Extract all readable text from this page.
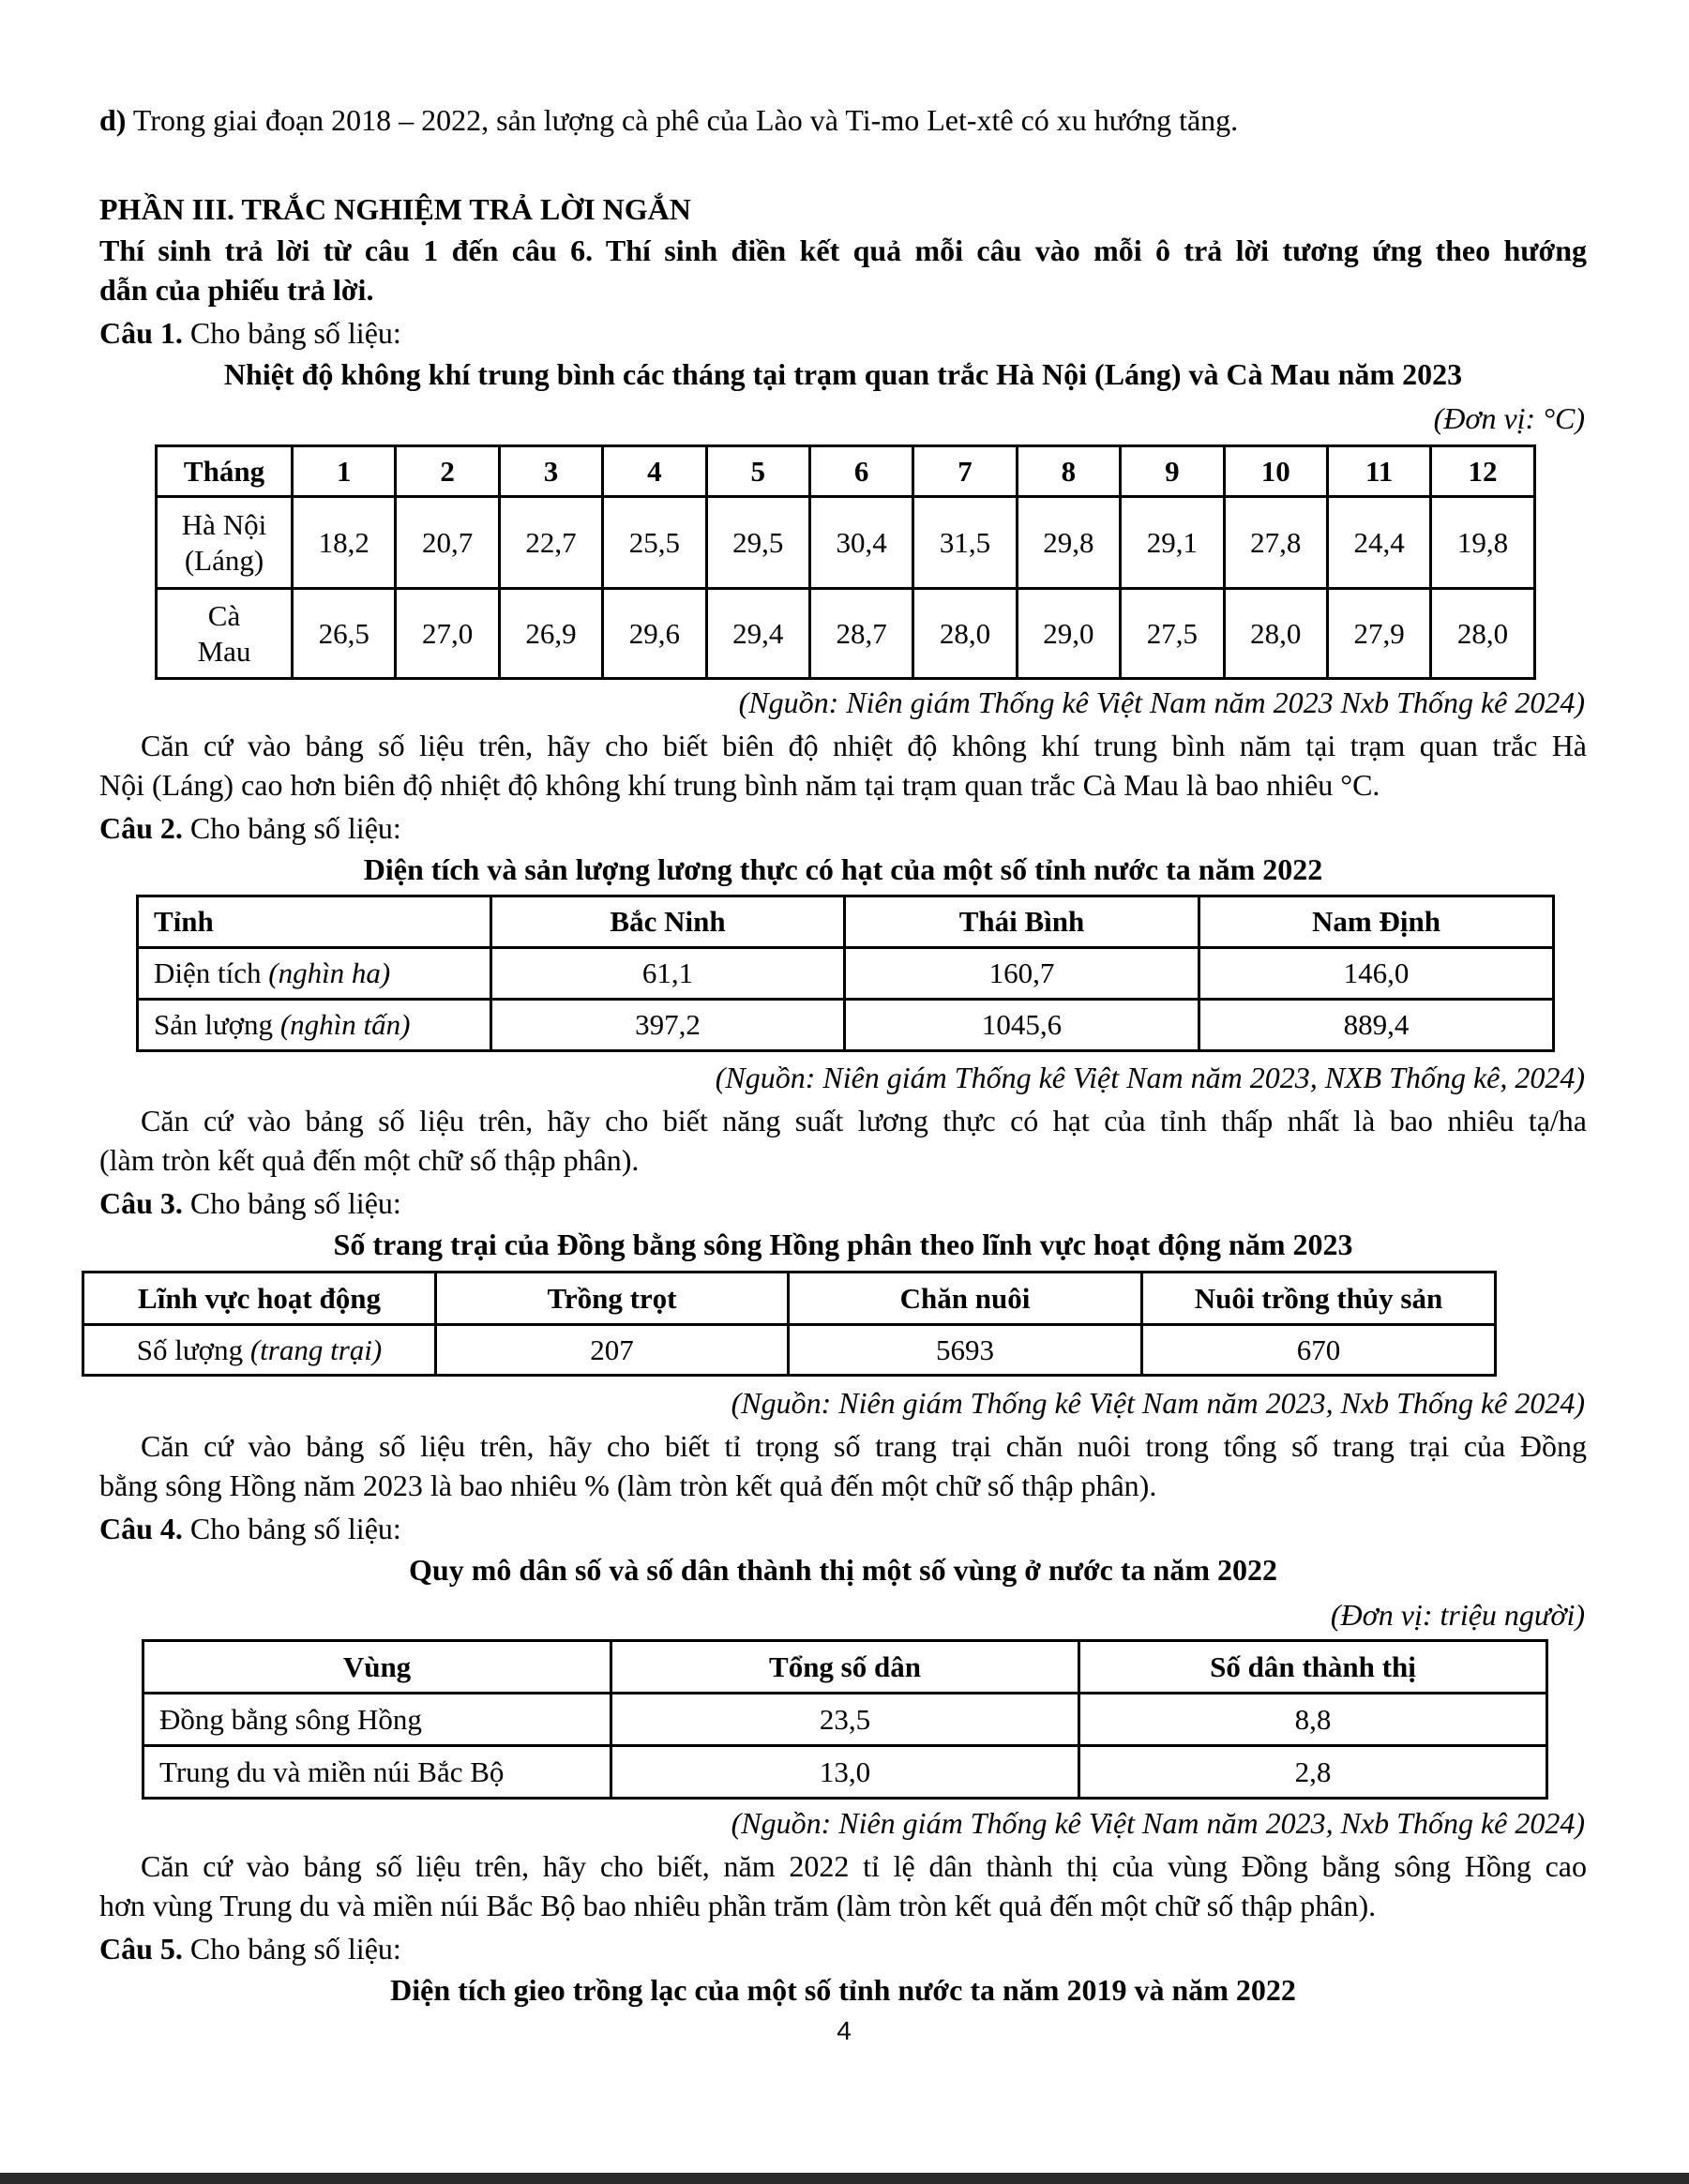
d) Trong giai đoạn 2018 – 2022, sản lượng cà phê của Lào và Ti-mo Let-xtê có xu hướng tăng.
PHẦN III. TRẮC NGHIỆM TRẢ LỜI NGẮN
Thí sinh trả lời từ câu 1 đến câu 6. Thí sinh điền kết quả mỗi câu vào mỗi ô trả lời tương ứng theo hướng
dẫn của phiếu trả lời.
Câu 1. Cho bảng số liệu:
Nhiệt độ không khí trung bình các tháng tại trạm quan trắc Hà Nội (Láng) và Cà Mau năm 2023
(Đơn vị: °C)
Tháng	1	2	3	4	5	6	7	8	9	10	11	12
Hà Nội
(Láng)	18,2	20,7	22,7	25,5	29,5	30,4	31,5	29,8	29,1	27,8	24,4	19,8
Cà
Mau	26,5	27,0	26,9	29,6	29,4	28,7	28,0	29,0	27,5	28,0	27,9	28,0
(Nguồn: Niên giám Thống kê Việt Nam năm 2023 Nxb Thống kê 2024)
Căn cứ vào bảng số liệu trên, hãy cho biết biên độ nhiệt độ không khí trung bình năm tại trạm quan trắc Hà
Nội (Láng) cao hơn biên độ nhiệt độ không khí trung bình năm tại trạm quan trắc Cà Mau là bao nhiêu °C.
Câu 2. Cho bảng số liệu:
Diện tích và sản lượng lương thực có hạt của một số tỉnh nước ta năm 2022
Tỉnh	Bắc Ninh	Thái Bình	Nam Định
Diện tích (nghìn ha)	61,1	160,7	146,0
Sản lượng (nghìn tấn)	397,2	1045,6	889,4
(Nguồn: Niên giám Thống kê Việt Nam năm 2023, NXB Thống kê, 2024)
Căn cứ vào bảng số liệu trên, hãy cho biết năng suất lương thực có hạt của tỉnh thấp nhất là bao nhiêu tạ/ha
(làm tròn kết quả đến một chữ số thập phân).
Câu 3. Cho bảng số liệu:
Số trang trại của Đồng bằng sông Hồng phân theo lĩnh vực hoạt động năm 2023
Lĩnh vực hoạt động	Trồng trọt	Chăn nuôi	Nuôi trồng thủy sản
Số lượng (trang trại)	207	5693	670
(Nguồn: Niên giám Thống kê Việt Nam năm 2023, Nxb Thống kê 2024)
Căn cứ vào bảng số liệu trên, hãy cho biết tỉ trọng số trang trại chăn nuôi trong tổng số trang trại của Đồng
bằng sông Hồng năm 2023 là bao nhiêu % (làm tròn kết quả đến một chữ số thập phân).
Câu 4. Cho bảng số liệu:
Quy mô dân số và số dân thành thị một số vùng ở nước ta năm 2022
(Đơn vị: triệu người)
Vùng	Tổng số dân	Số dân thành thị
Đồng bằng sông Hồng	23,5	8,8
Trung du và miền núi Bắc Bộ	13,0	2,8
(Nguồn: Niên giám Thống kê Việt Nam năm 2023, Nxb Thống kê 2024)
Căn cứ vào bảng số liệu trên, hãy cho biết, năm 2022 tỉ lệ dân thành thị của vùng Đồng bằng sông Hồng cao
hơn vùng Trung du và miền núi Bắc Bộ bao nhiêu phần trăm (làm tròn kết quả đến một chữ số thập phân).
Câu 5. Cho bảng số liệu:
Diện tích gieo trồng lạc của một số tỉnh nước ta năm 2019 và năm 2022
4
